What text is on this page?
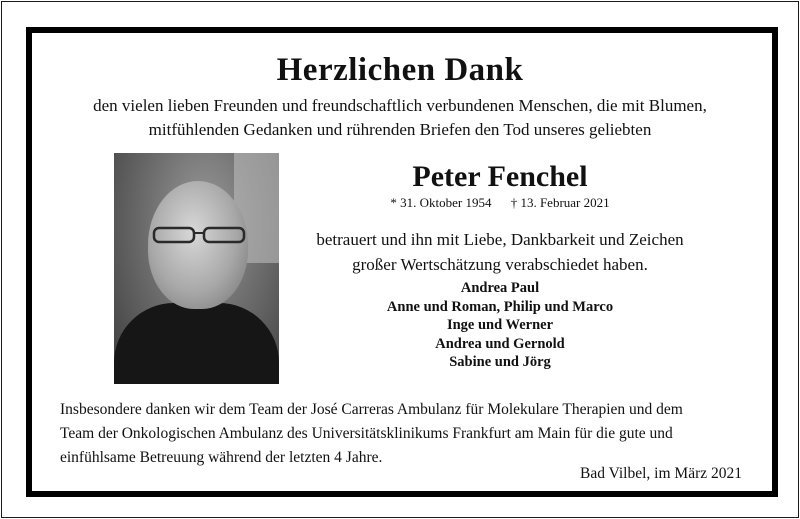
Herzlichen Dank
den vielen lieben Freunden und freundschaftlich verbundenen Menschen, die mit Blumen,
mitfühlenden Gedanken und rührenden Briefen den Tod unseres geliebten
Peter Fenchel
* 31. Oktober 1954 † 13. Februar 2021
betrauert und ihn mit Liebe, Dankbarkeit und Zeichen
großer Wertschätzung verabschiedet haben.
Andrea Paul
Anne und Roman, Philip und Marco
Inge und Werner
Andrea und Gernold
Sabine und Jörg
Insbesondere danken wir dem Team der José Carreras Ambulanz für Molekulare Therapien und dem
Team der Onkologischen Ambulanz des Universitätsklinikums Frankfurt am Main für die gute und
einfühlsame Betreuung während der letzten 4 Jahre.
Bad Vilbel, im März 2021
